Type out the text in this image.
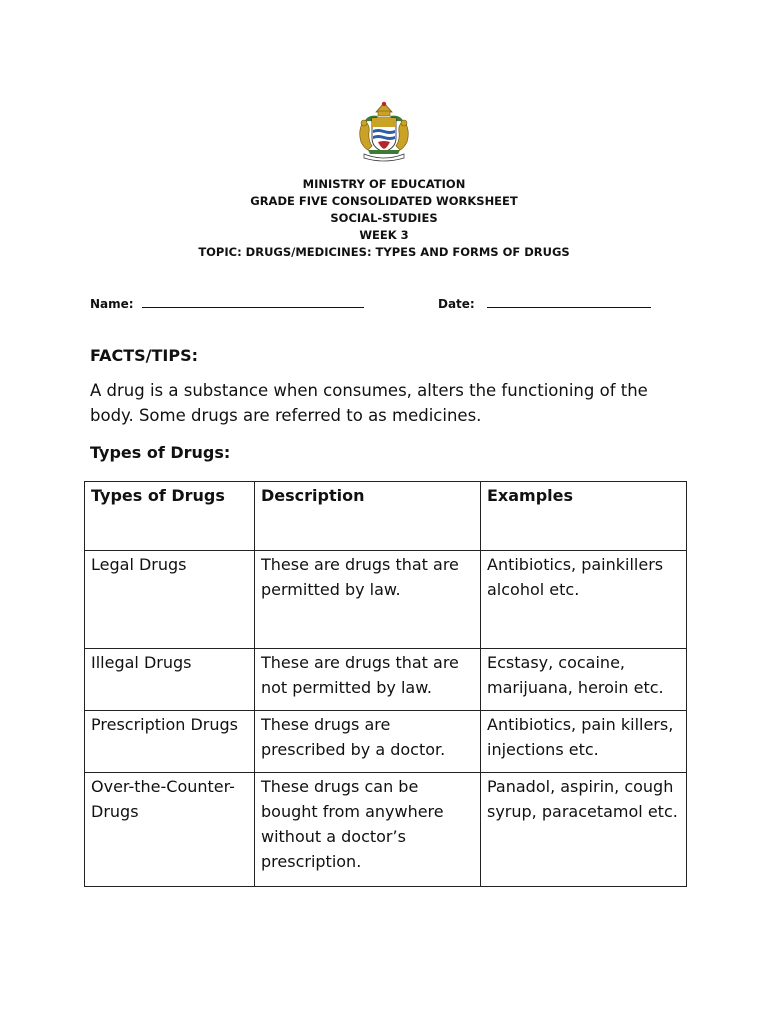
MINISTRY OF EDUCATION
GRADE FIVE CONSOLIDATED WORKSHEET
SOCIAL-STUDIES
WEEK 3
TOPIC: DRUGS/MEDICINES: TYPES AND FORMS OF DRUGS
Name:	Date:
FACTS/TIPS:
A drug is a substance when consumes, alters the functioning of the body. Some drugs are referred to as medicines.
Types of Drugs:
Types of Drugs	Description	Examples
Legal Drugs	These are drugs that are permitted by law.	Antibiotics, painkillers alcohol etc.
Illegal Drugs	These are drugs that are not permitted by law.	Ecstasy, cocaine, marijuana, heroin etc.
Prescription Drugs	These drugs are prescribed by a doctor.	Antibiotics, pain killers, injections etc.
Over-the-Counter-Drugs	These drugs can be bought from anywhere without a doctor’s prescription.	Panadol, aspirin, cough syrup, paracetamol etc.
